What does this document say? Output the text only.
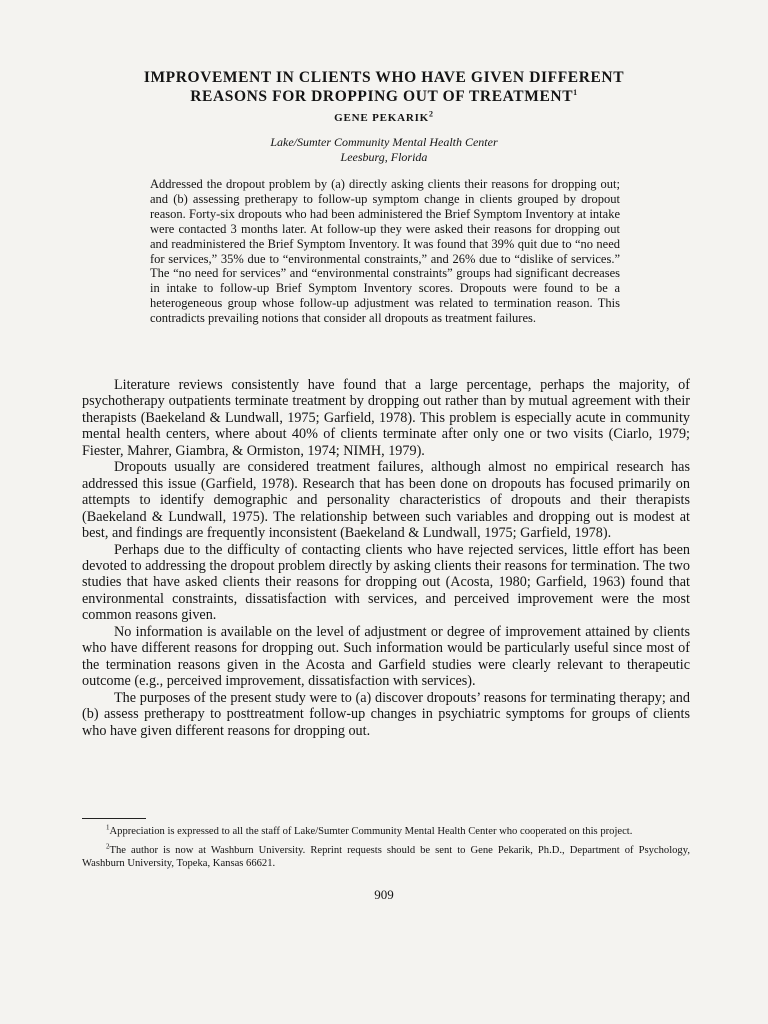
IMPROVEMENT IN CLIENTS WHO HAVE GIVEN DIFFERENT
REASONS FOR DROPPING OUT OF TREATMENT$^1$
GENE PEKARIK$^2$
Lake/Sumter Community Mental Health Center
Leesburg, Florida

Addressed the dropout problem by (a) directly asking clients their reasons for dropping out; and (b) assessing pretherapy to follow-up symptom change in clients grouped by dropout reason. Forty-six dropouts who had been administered the Brief Symptom Inventory at intake were contacted 3 months later. At follow-up they were asked their reasons for dropping out and readministered the Brief Symptom Inventory. It was found that 39% quit due to “no need for services,” 35% due to “environmental constraints,” and 26% due to “dislike of services.” The “no need for services” and “environmental constraints” groups had significant decreases in intake to follow-up Brief Symptom Inventory scores. Dropouts were found to be a heterogeneous group whose follow-up adjustment was related to termination reason. This contradicts prevailing notions that consider all dropouts as treatment failures.

Literature reviews consistently have found that a large percentage, perhaps the majority, of psychotherapy outpatients terminate treatment by dropping out rather than by mutual agreement with their therapists (Baekeland & Lundwall, 1975; Garfield, 1978). This problem is especially acute in community mental health centers, where about 40% of clients terminate after only one or two visits (Ciarlo, 1979; Fiester, Mahrer, Giambra, & Ormiston, 1974; NIMH, 1979).

Dropouts usually are considered treatment failures, although almost no empirical research has addressed this issue (Garfield, 1978). Research that has been done on dropouts has focused primarily on attempts to identify demographic and personality characteristics of dropouts and their therapists (Baekeland & Lundwall, 1975). The relationship between such variables and dropping out is modest at best, and findings are frequently inconsistent (Baekeland & Lundwall, 1975; Garfield, 1978).

Perhaps due to the difficulty of contacting clients who have rejected services, little effort has been devoted to addressing the dropout problem directly by asking clients their reasons for termination. The two studies that have asked clients their reasons for dropping out (Acosta, 1980; Garfield, 1963) found that environmental constraints, dissatisfaction with services, and perceived improvement were the most common reasons given.

No information is available on the level of adjustment or degree of improvement attained by clients who have different reasons for dropping out. Such information would be particularly useful since most of the termination reasons given in the Acosta and Garfield studies were clearly relevant to therapeutic outcome (e.g., perceived improvement, dissatisfaction with services).

The purposes of the present study were to (a) discover dropouts’ reasons for terminating therapy; and (b) assess pretherapy to posttreatment follow-up changes in psychiatric symptoms for groups of clients who have given different reasons for dropping out.

$^1$Appreciation is expressed to all the staff of Lake/Sumter Community Mental Health Center who cooperated on this project.

$^2$The author is now at Washburn University. Reprint requests should be sent to Gene Pekarik, Ph.D., Department of Psychology, Washburn University, Topeka, Kansas 66621.

909
